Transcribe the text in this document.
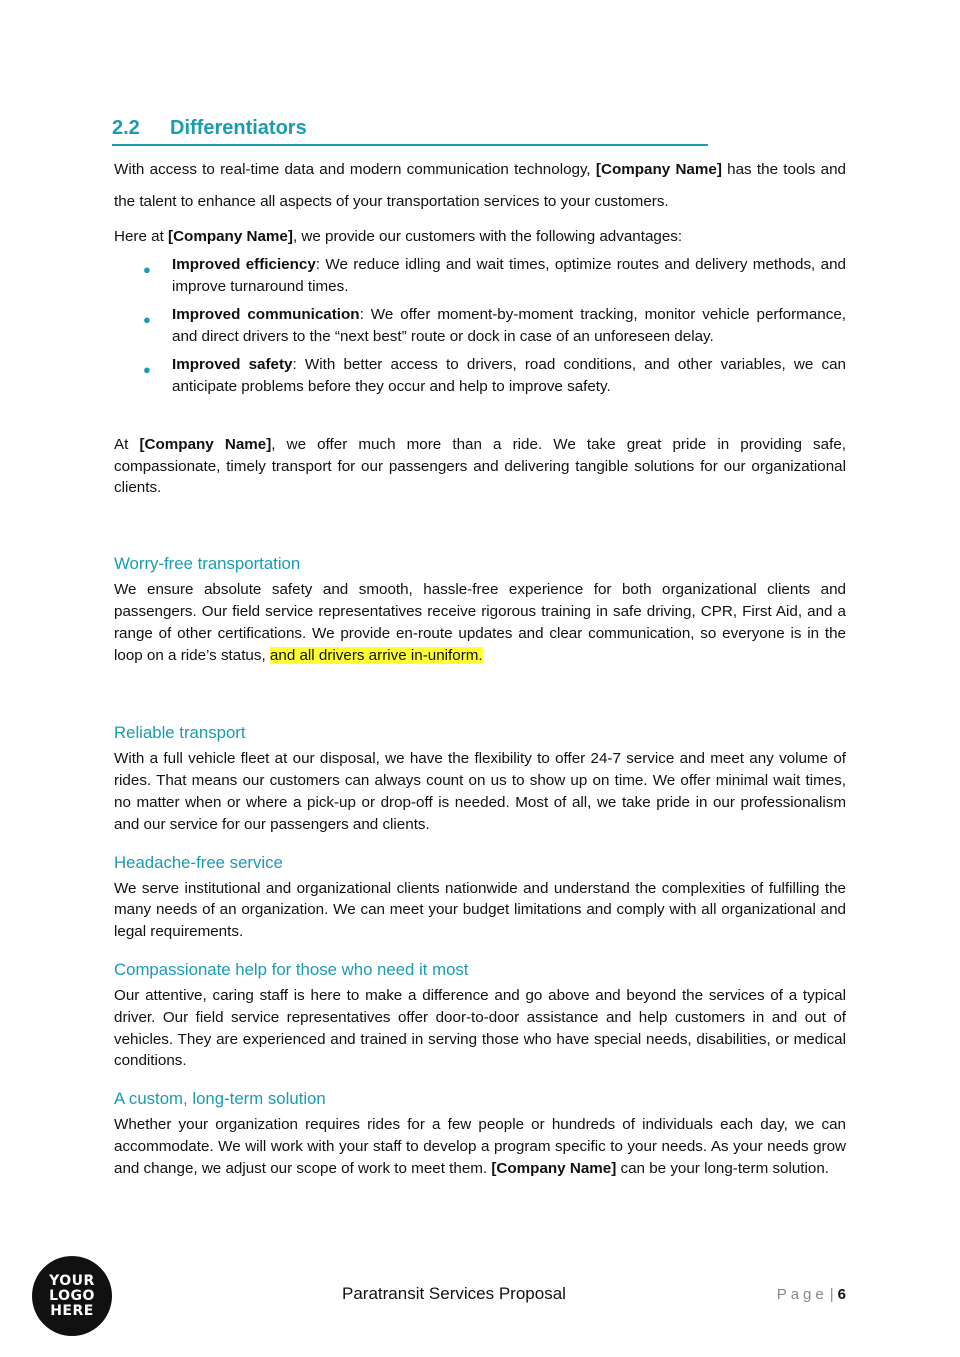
2.2	Differentiators

With access to real-time data and modern communication technology, [Company Name] has the tools and the talent to enhance all aspects of your transportation services to your customers.

Here at [Company Name], we provide our customers with the following advantages:

● Improved efficiency: We reduce idling and wait times, optimize routes and delivery methods, and improve turnaround times.
● Improved communication: We offer moment-by-moment tracking, monitor vehicle performance, and direct drivers to the “next best” route or dock in case of an unforeseen delay.
● Improved safety: With better access to drivers, road conditions, and other variables, we can anticipate problems before they occur and help to improve safety.

At [Company Name], we offer much more than a ride. We take great pride in providing safe, compassionate, timely transport for our passengers and delivering tangible solutions for our organizational clients.

Worry-free transportation

We ensure absolute safety and smooth, hassle-free experience for both organizational clients and passengers. Our field service representatives receive rigorous training in safe driving, CPR, First Aid, and a range of other certifications. We provide en-route updates and clear communication, so everyone is in the loop on a ride’s status, and all drivers arrive in-uniform.

Reliable transport

With a full vehicle fleet at our disposal, we have the flexibility to offer 24-7 service and meet any volume of rides. That means our customers can always count on us to show up on time. We offer minimal wait times, no matter when or where a pick-up or drop-off is needed. Most of all, we take pride in our professionalism and our service for our passengers and clients.

Headache-free service

We serve institutional and organizational clients nationwide and understand the complexities of fulfilling the many needs of an organization. We can meet your budget limitations and comply with all organizational and legal requirements.

Compassionate help for those who need it most

Our attentive, caring staff is here to make a difference and go above and beyond the services of a typical driver. Our field service representatives offer door-to-door assistance and help customers in and out of vehicles. They are experienced and trained in serving those who have special needs, disabilities, or medical conditions.

A custom, long-term solution

Whether your organization requires rides for a few people or hundreds of individuals each day, we can accommodate. We will work with your staff to develop a program specific to your needs. As your needs grow and change, we adjust our scope of work to meet them. [Company Name] can be your long-term solution.

YOUR
LOGO
HERE
Paratransit Services Proposal	Page | 6
